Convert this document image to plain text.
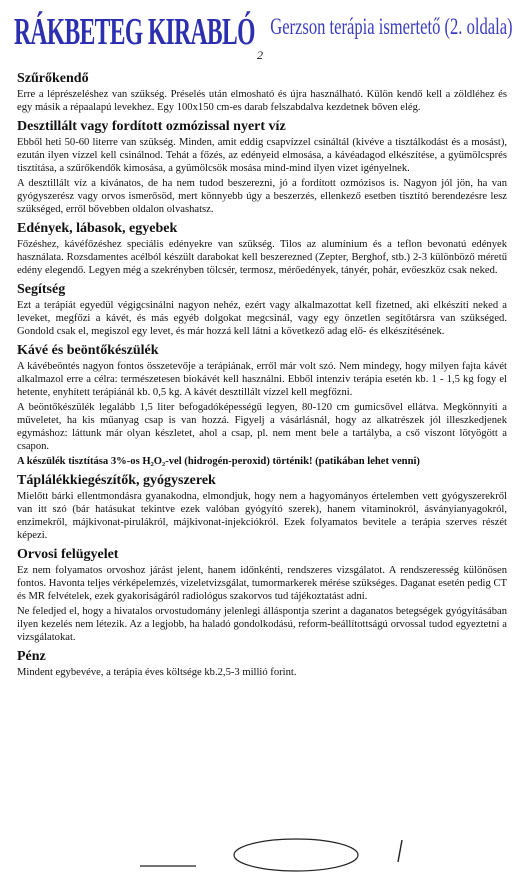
RÁKBETEG KIRABLÓ Gerzson terápia ismertető (2. oldala)
2
Szűrőkendő

Erre a léprészeléshez van szükség. Préselés után elmosható és újra használható. Külön kendő kell a zöldléhez és egy másik a répaalapú levekhez. Egy 100x150 cm-es darab felszabdalva kezdetnek bőven elég.

Desztillált vagy fordított ozmózissal nyert víz

Ebből heti 50-60 literre van szükség. Minden, amit eddig csapvízzel csináltál (kivéve a tisztálkodást és a mosást), ezután ilyen vízzel kell csinálnod. Tehát a főzés, az edényeid elmosása, a kávéadagod elkészítése, a gyümölcsprés tisztítása, a szűrőkendők kimosása, a gyümölcsök mosása mind-mind ilyen vizet igényelnek.

A desztillált víz a kívánatos, de ha nem tudod beszerezni, jó a fordított ozmózisos is. Nagyon jól jön, ha van gyógyszerész vagy orvos ismerősöd, mert könnyebb úgy a beszerzés, ellenkező esetben tisztító berendezésre lesz szükséged, erről bővebben oldalon olvashatsz.

Edények, lábasok, egyebek

Főzéshez, kávéfőzéshez speciális edényekre van szükség. Tilos az alumínium és a teflon bevonatú edények használata. Rozsdamentes acélból készült darabokat kell beszerezned (Zepter, Berghof, stb.) 2-3 különböző méretű edény elegendő. Legyen még a szekrényben tölcsér, termosz, mérőedények, tányér, pohár, evőeszköz csak neked.

Segítség

Ezt a terápiát egyedül végigcsinálni nagyon nehéz, ezért vagy alkalmazottat kell fizetned, aki elkészíti neked a leveket, megfőzi a kávét, és más egyéb dolgokat megcsinál, vagy egy önzetlen segítőtársra van szükséged. Gondold csak el, megiszol egy levet, és már hozzá kell látni a következő adag elő- és elkészítésének.

Kávé és beöntőkészülék

A kávébeöntés nagyon fontos összetevője a terápiának, erről már volt szó. Nem mindegy, hogy milyen fajta kávét alkalmazol erre a célra: természetesen biokávét kell használni. Ebből intenziv terápia esetén kb. 1 - 1,5 kg fogy el hetente, enyhített terápiánál kb. 0,5 kg. A kávét desztillált vízzel kell megfőzni.

A beöntőkészülék legalább 1,5 liter befogadóképességű legyen, 80-120 cm gumicsővel ellátva. Megkönnyíti a műveletet, ha kis műanyag csap is van hozzá. Figyelj a vásárlásnál, hogy az alkatrészek jól illeszkedjenek egymáshoz: láttunk már olyan készletet, ahol a csap, pl. nem ment bele a tartályba, a cső viszont lötyögött a csapon.

A készülék tisztítása 3%-os H₂O₂-vel (hidrogén-peroxid) történik! (patikában lehet venni)

Táplálékkiegészítők, gyógyszerek

Mielőtt bárki ellentmondásra gyanakodna, elmondjuk, hogy nem a hagyományos értelemben vett gyógyszerekről van itt szó (bár hatásukat tekintve ezek valóban gyógyító szerek), hanem vitaminokról, ásványianyagokról, enzimekről, májkivonat-pirulákról, májkivonat-injekciókról. Ezek folyamatos bevitele a terápia szerves részét képezi.

Orvosi felügyelet

Ez nem folyamatos orvoshoz járást jelent, hanem időnkénti, rendszeres vizsgálatot. A rendszeresség különösen fontos. Havonta teljes vérképelemzés, vizeletvizsgálat, tumormarkerek mérése szükséges. Daganat esetén pedig CT és MR felvételek, ezek gyakoriságáról radiológus szakorvos tud tájékoztatást adni.

Ne feledjed el, hogy a hivatalos orvostudomány jelenlegi álláspontja szerint a daganatos betegségek gyógyításában ilyen kezelés nem létezik. Az a legjobb, ha haladó gondolkodású, reform-beállítottságú orvossal tudod egyeztetni a vizsgálatokat.

Pénz

Mindent egybevéve, a terápia éves költsége kb.2,5-3 millió forint.
